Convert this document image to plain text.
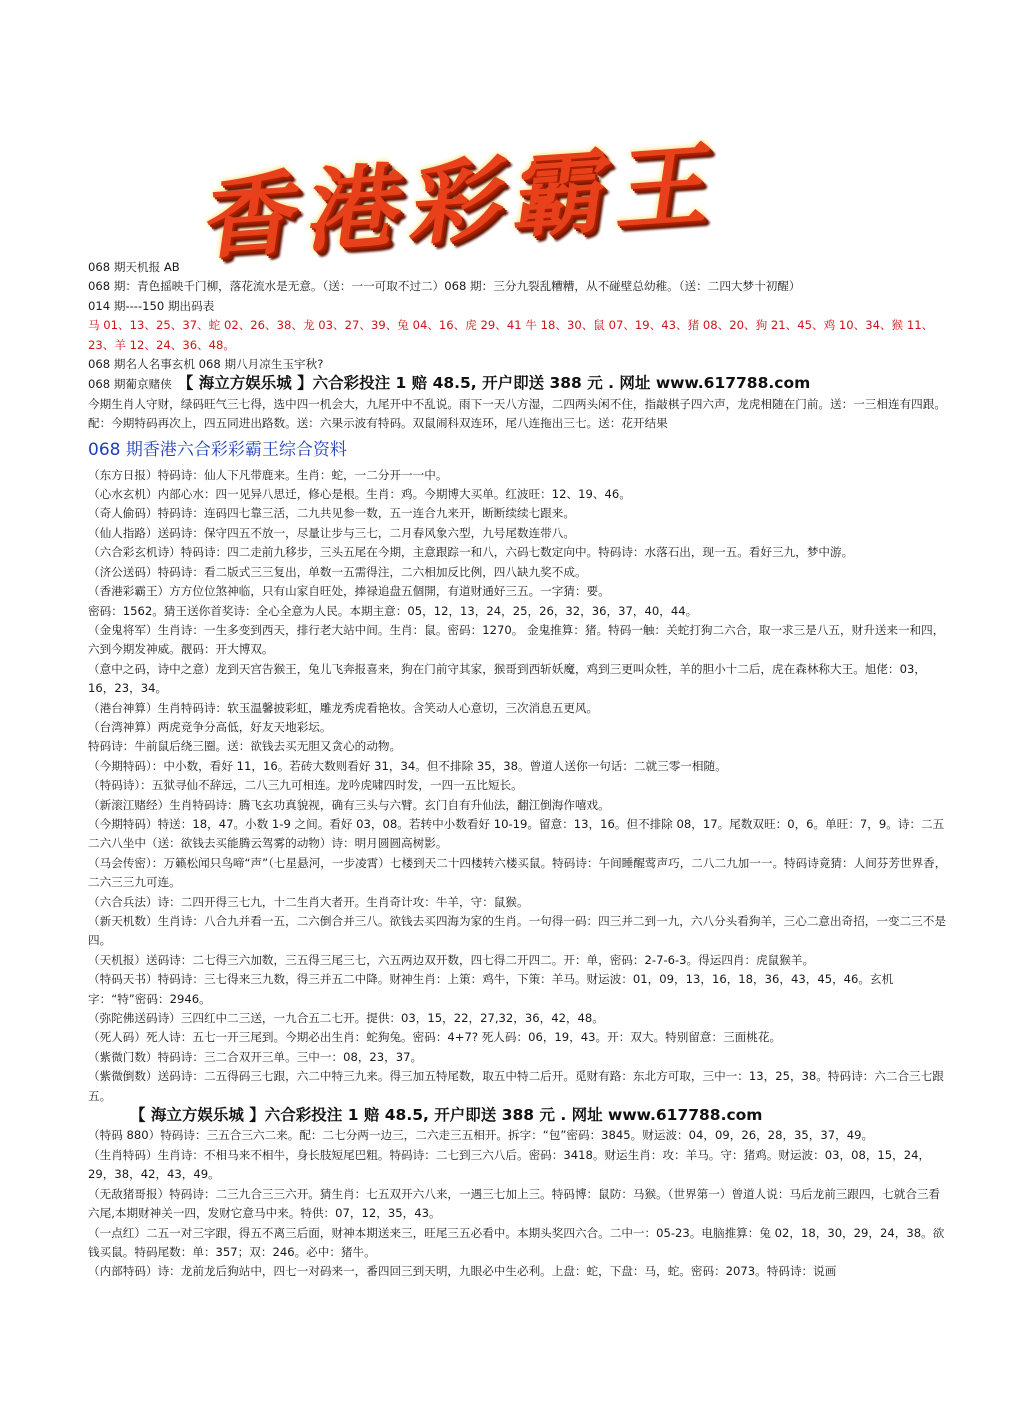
香港彩霸王
068 期天机报 AB
068 期：青色摇映千门柳，落花流水是无意。（送：一一可取不过二）068 期：三分九裂乱糟糟，从不碰壁总幼稚。（送：二四大梦十初醒）
014 期----150 期出码表
马 01、13、25、37、蛇 02、26、38、龙 03、27、39、兔 04、16、虎 29、41 牛 18、30、鼠 07、19、43、猪 08、20、狗 21、45、鸡 10、34、猴 11、23、羊 12、24、36、48。
068 期名人名事玄机 068 期八月凉生玉宇秋?
068 期葡京赌侠 【 海立方娱乐城 】六合彩投注 1 赔 48.5, 开户即送 388 元 . 网址 www.617788.com
今期生肖人守财，绿码旺气三七得，选中四一机会大，九尾开中不乱说。雨下一天八方湿，二四两头闲不住，指敲棋子四六声，龙虎相随在门前。送：一三相连有四跟。配：今期特码再次上，四五同进出路数。送：六果示波有特码。双鼠闹科双连环，尾八连拖出三七。送：花开结果
068 期香港六合彩彩霸王综合资料
（东方日报）特码诗：仙人下凡带鹿来。生肖：蛇，一二分开一一中。
（心水玄机）内部心水：四一见异八思迁，修心是根。生肖：鸡。今期博大买单。红波旺：12、19、46。
（奇人偷码）特码诗：连码四七靠三活，二九共见参一数，五一连合九来开，断断续续七跟来。
（仙人指路）送码诗：保守四五不放一，尽量让步与三七，二月春风象六型，九号尾数连带八。
（六合彩玄机诗）特码诗：四二走前九移步，三头五尾在今期，主意跟踪一和八，六码七数定向中。特码诗：水落石出，现一五。看好三九，梦中游。
（济公送码）特码诗：看二版式三三复出，单数一五需得注，二六相加反比例，四八缺九奖不成。
（香港彩霸王）方方位位煞神临，只有山家自旺处，捧禄追盘五個開，有道财通好三五。一字猜：要。
密码：1562。猜王送你首奖诗：全心全意为人民。本期主意：05，12，13，24，25，26，32，36，37，40，44。
（金鬼将军）生肖诗：一生多变到西天，排行老大站中间。生肖：鼠。密码：1270。 金鬼推算：猪。特码一触：关蛇打狗二六合，取一求三是八五，财升送来一和四，六到今期发神威。靓码：开大博双。
（意中之码，诗中之意）龙到天宫告猴王，兔儿飞奔报喜来，狗在门前守其家，猴哥到西斩妖魔，鸡到三更叫众牲，羊的胆小十二后，虎在森林称大王。旭佬：03，16，23，34。
（港台神算）生肖特码诗：软玉温馨披彩虹，雕龙秀虎看艳妆。含笑动人心意切，三次消息五更风。
（台湾神算）两虎竞争分高低，好友天地彩坛。
特码诗：牛前鼠后绕三圈。送：欲钱去买无胆又贪心的动物。
（今期特码）：中小数，看好 11，16。若砖大数则看好 31，34。但不排除 35，38。曾道人送你一句话：二就三零一相随。
（特码诗）：五狱寻仙不辞远，二八三九可相连。龙吟虎啸四时发，一四一五比短长。
（新滚江赌经）生肖特码诗：腾飞玄功真貌视，确有三头与六臂。玄门自有升仙法，翻江倒海作嘻戏。
（今期特码）特送：18，47。小数 1-9 之间。看好 03，08。若转中小数看好 10-19。留意：13，16。但不排除 08，17。尾数双旺：0，6。单旺：7，9。诗：二五二六八坐中（送：欲钱去买能腾云驾雾的动物）诗：明月圆圆高树影。
（马会传密）：万籁松闻只鸟啼“声”（七星悬河，一步凌霄）七楼到天二十四楼转六楼买鼠。特码诗：午间睡醒莺声巧，二八二九加一一。特码诗竟猜：人间芬芳世界香，二六三三九可连。
（六合兵法）诗：二四开得三七九，十二生肖大者开。生肖奇计攻：牛羊，守：鼠猴。
（新天机数）生肖诗：八合九并看一五，二六倒合并三八。欲钱去买四海为家的生肖。一句得一码：四三并二到一九，六八分头看狗羊，三心二意出奇招，一变二三不是四。
（天机报）送码诗：二七得三六加数，三五得三尾三七，六五两边双开数，四七得二开四二。开：单，密码：2-7-6-3。得运四肖：虎鼠猴羊。
（特码天书）特码诗：三七得来三九数，得三并五二中降。财神生肖：上策：鸡牛，下策：羊马。财运波：01，09，13，16，18，36，43，45，46。玄机字：“特”密码：2946。
（弥陀佛送码诗）三四红中二三送，一九合五二七开。提供：03，15，22，27,32，36，42，48。
（死人码）死人诗：五七一开三尾到。今期必出生肖：蛇狗兔。密码：4+7? 死人码：06，19，43。开：双大。特别留意：三面桃花。
（紫微门数）特码诗：三二合双开三单。三中一：08，23，37。
（紫微倒数）送码诗：二五得码三七跟，六二中特三九来。得三加五特尾数，取五中特二后开。觅财有路：东北方可取，三中一：13，25，38。特码诗：六二合三七跟五。
【 海立方娱乐城 】六合彩投注 1 赔 48.5, 开户即送 388 元 . 网址 www.617788.com
（特码 880）特码诗：三五合三六二来。配：二七分两一边三，二六走三五相开。拆字：“包”密码：3845。财运波：04，09，26，28，35，37，49。
（生肖特码）生肖诗：不相马来不相牛，身长肢短尾巴粗。特码诗：二七到三六八后。密码：3418。财运生肖：攻：羊马。守：猪鸡。财运波：03，08，15，24，29，38，42，43，49。
（无敌猪哥报）特码诗：二三九合三三六开。猜生肖：七五双开六八来，一遇三七加上三。特码博：鼠防：马猴。（世界第一）曾道人说：马后龙前三跟四，七就合三看六尾,本期财神关一四，发财它意马中来。特供：07，12，35，43。
（一点红）二五一对三字跟，得五不离三后面，财神本期送来三，旺尾三五必看中。本期头奖四六合。二中一：05-23。电脑推算：兔 02，18，30，29，24，38。欲钱买鼠。特码尾数：单：357；双：246。必中：猪牛。
（内部特码）诗：龙前龙后狗站中，四七一对码来一，番四回三到天明，九眼必中生必利。上盘：蛇，下盘：马，蛇。密码：2073。特码诗：说画
